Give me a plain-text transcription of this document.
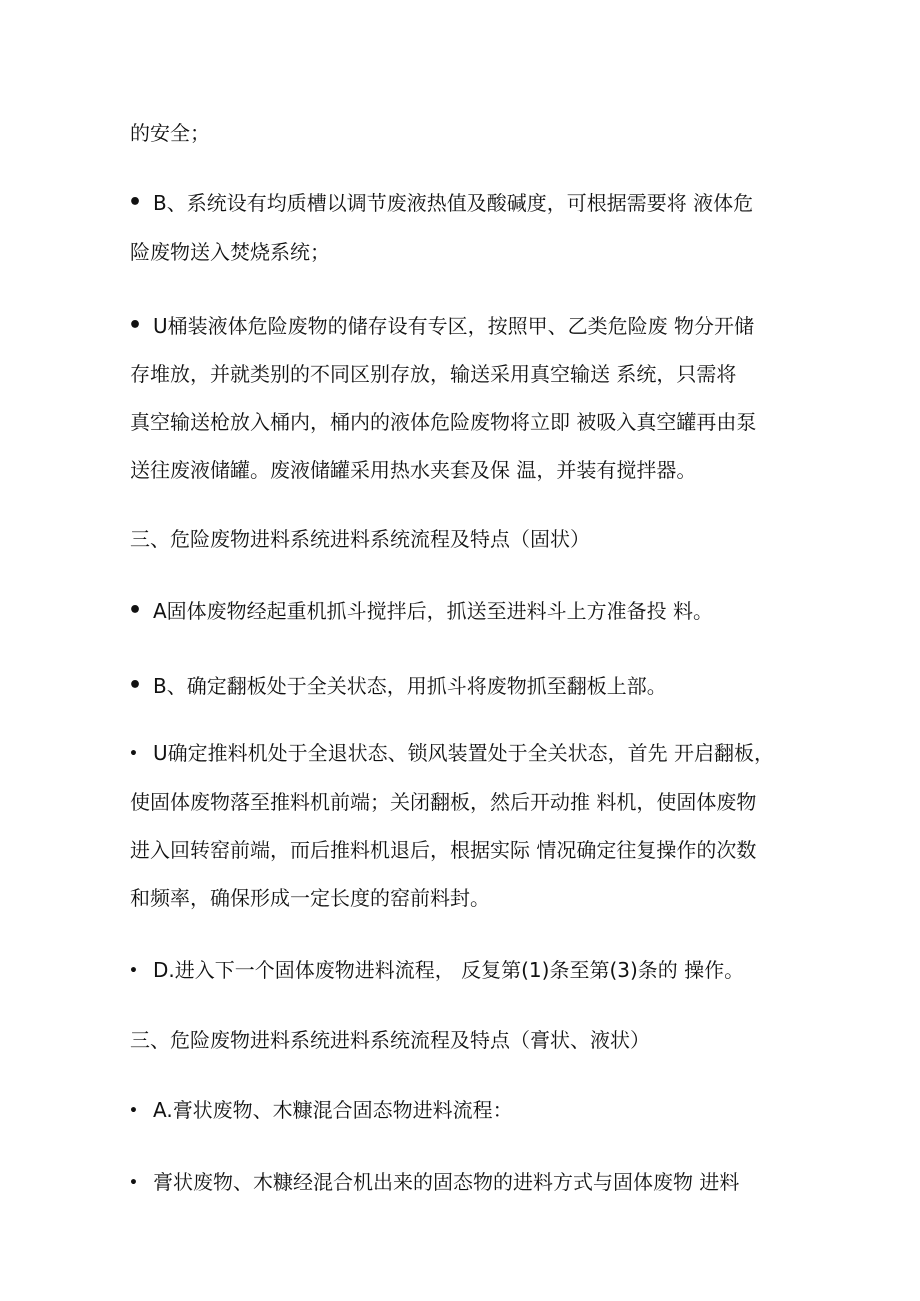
的安全；
• B、系统设有均质槽以调节废液热值及酸碱度，可根据需要将 液体危
险废物送入焚烧系统；
• U桶装液体危险废物的储存设有专区，按照甲、乙类危险废 物分开储
存堆放，并就类别的不同区别存放，输送采用真空输送 系统，只需将
真空输送枪放入桶内，桶内的液体危险废物将立即 被吸入真空罐再由泵
送往废液储罐。废液储罐采用热水夹套及保 温，并装有搅拌器。
三、危险废物进料系统进料系统流程及特点（固状）
• A固体废物经起重机抓斗搅拌后，抓送至进料斗上方准备投 料。
• B、确定翻板处于全关状态，用抓斗将废物抓至翻板上部。
• U确定推料机处于全退状态、锁风装置处于全关状态，首先 开启翻板，
使固体废物落至推料机前端；关闭翻板，然后开动推 料机，使固体废物
进入回转窑前端，而后推料机退后，根据实际 情况确定往复操作的次数
和频率，确保形成一定长度的窑前料封。
• D.进入下一个固体废物进料流程， 反复第(1)条至第(3)条的 操作。
三、危险废物进料系统进料系统流程及特点（膏状、液状）
• A.膏状废物、木糠混合固态物进料流程：
• 膏状废物、木糠经混合机出来的固态物的进料方式与固体废物 进料
